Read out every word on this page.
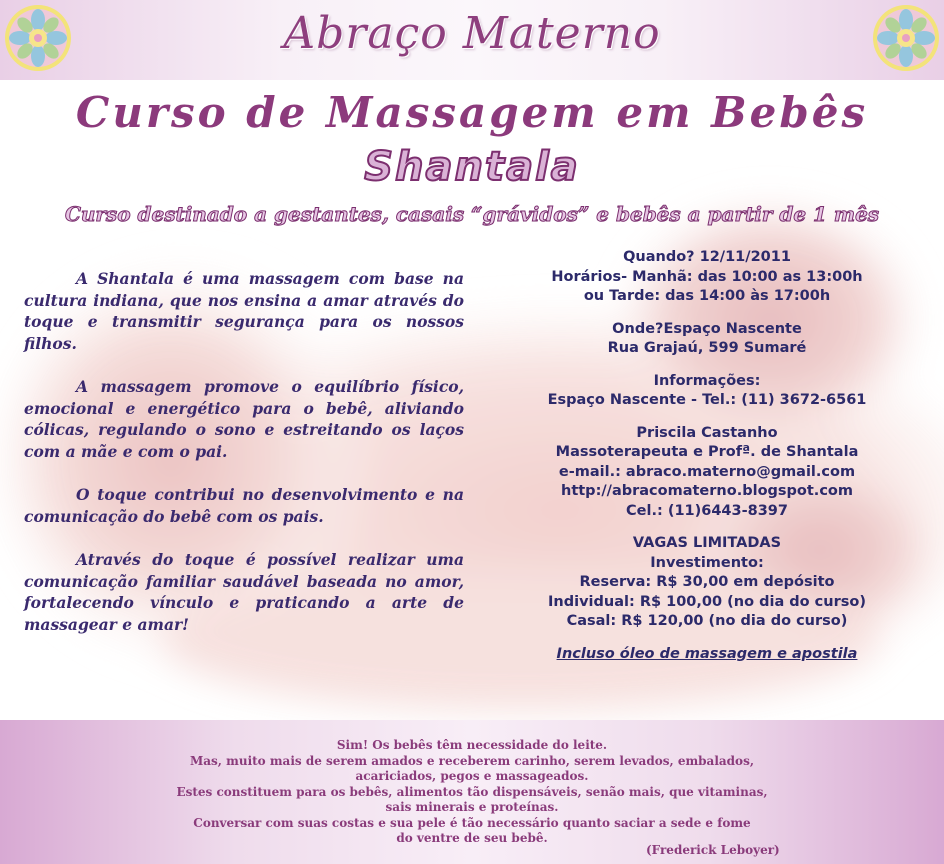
Abraço Materno
Curso de Massagem em Bebês
Shantala
Curso destinado a gestantes, casais “grávidos” e bebês a partir de 1 mês

A Shantala é uma massagem com base na cultura indiana, que nos ensina a amar através do toque e transmitir segurança para os nossos filhos.

A massagem promove o equilíbrio físico, emocional e energético para o bebê, aliviando cólicas, regulando o sono e estreitando os laços com a mãe e com o pai.

O toque contribui no desenvolvimento e na comunicação do bebê com os pais.

Através do toque é possível realizar uma comunicação familiar saudável baseada no amor, fortalecendo vínculo e praticando a arte de massagear e amar!

Quando? 12/11/2011
Horários- Manhã: das 10:00 as 13:00h
ou Tarde: das 14:00 às 17:00h
Onde?Espaço Nascente
Rua Grajaú, 599 Sumaré
Informações:
Espaço Nascente - Tel.: (11) 3672-6561
Priscila Castanho
Massoterapeuta e Profª. de Shantala
e-mail.: abraco.materno@gmail.com
http://abracomaterno.blogspot.com
Cel.: (11)6443-8397
VAGAS LIMITADAS
Investimento:
Reserva: R$ 30,00 em depósito
Individual: R$ 100,00 (no dia do curso)
Casal: R$ 120,00 (no dia do curso)
Incluso óleo de massagem e apostila
Sim! Os bebês têm necessidade do leite.
Mas, muito mais de serem amados e receberem carinho, serem levados, embalados,
acariciados, pegos e massageados.
Estes constituem para os bebês, alimentos tão dispensáveis, senão mais, que vitaminas,
sais minerais e proteínas.
Conversar com suas costas e sua pele é tão necessário quanto saciar a sede e fome
do ventre de seu bebê.
(Frederick Leboyer)
